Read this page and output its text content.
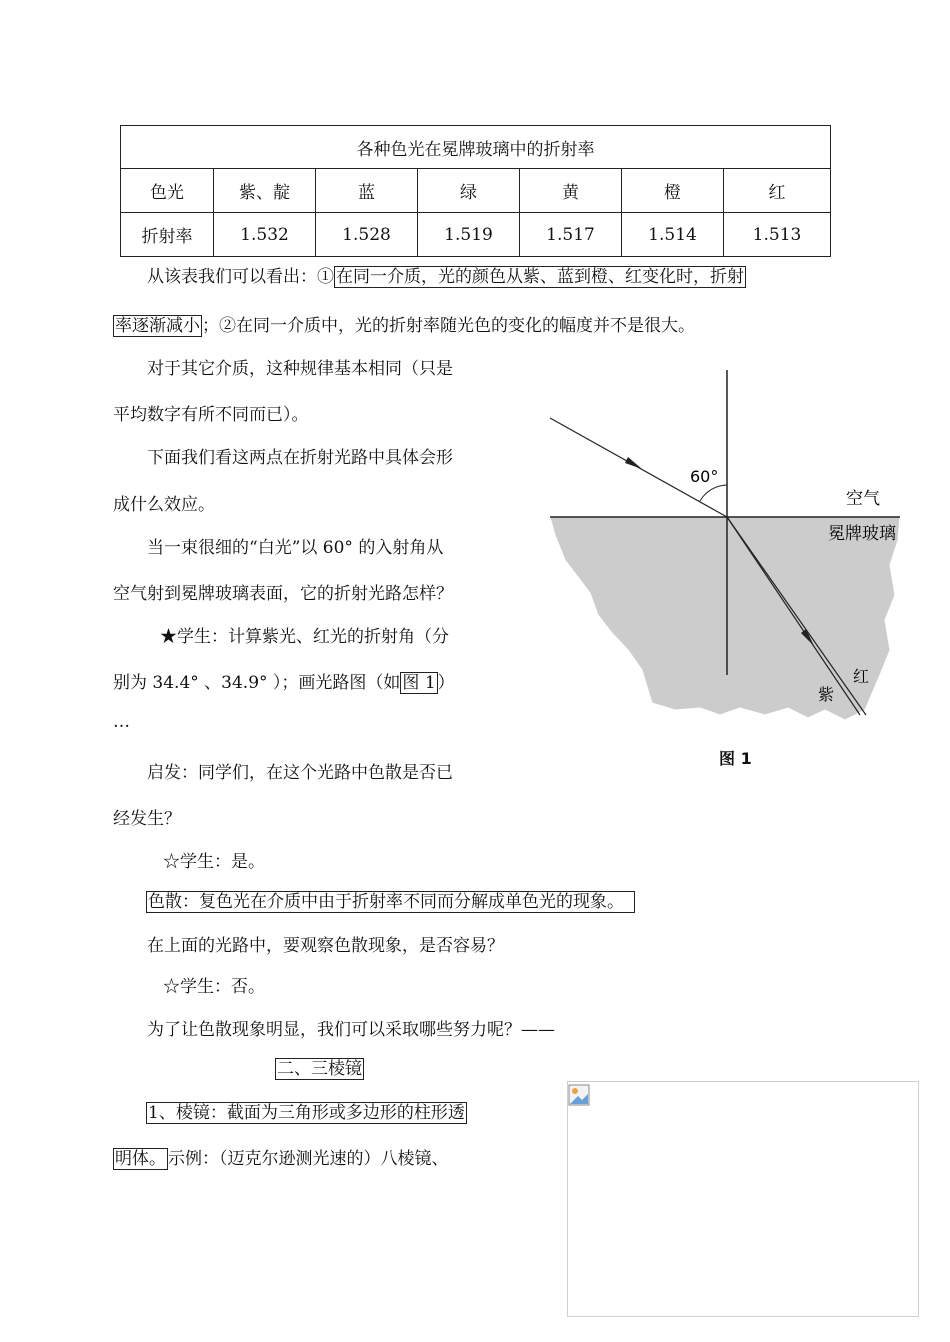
各种色光在冕牌玻璃中的折射率						
色光	紫、靛	蓝	绿	黄	橙	红
折射率	1.532	1.528	1.519	1.517	1.514	1.513
从该表我们可以看出：① 在同一介质，光的颜色从紫、蓝到橙、红变化时，折射
率逐渐减小 ；②在同一介质中，光的折射率随光色的变化的幅度并不是很大。
对于其它介质，这种规律基本相同（只是
平均数字有所不同而已）。
下面我们看这两点在折射光路中具体会形
成什么效应。
当一束很细的“白光”以 60° 的入射角从
空气射到冕牌玻璃表面，它的折射光路怎样？
★学生：计算紫光、红光的折射角（分
别为 34.4° 、34.9° ）；画光路图（如 图 1 ）
…
启发：同学们，在这个光路中色散是否已
经发生？
☆学生：是。
色散：复色光在介质中由于折射率不同而分解成单色光的现象。
在上面的光路中，要观察色散现象，是否容易？
☆学生：否。
为了让色散现象明显，我们可以采取哪些努力呢？——
二、三棱镜
1、棱镜：截面为三角形或多边形的柱形透
明体。 示例：（迈克尔逊测光速的）八棱镜、
60°
空气
冕牌玻璃
红
紫
图 1
